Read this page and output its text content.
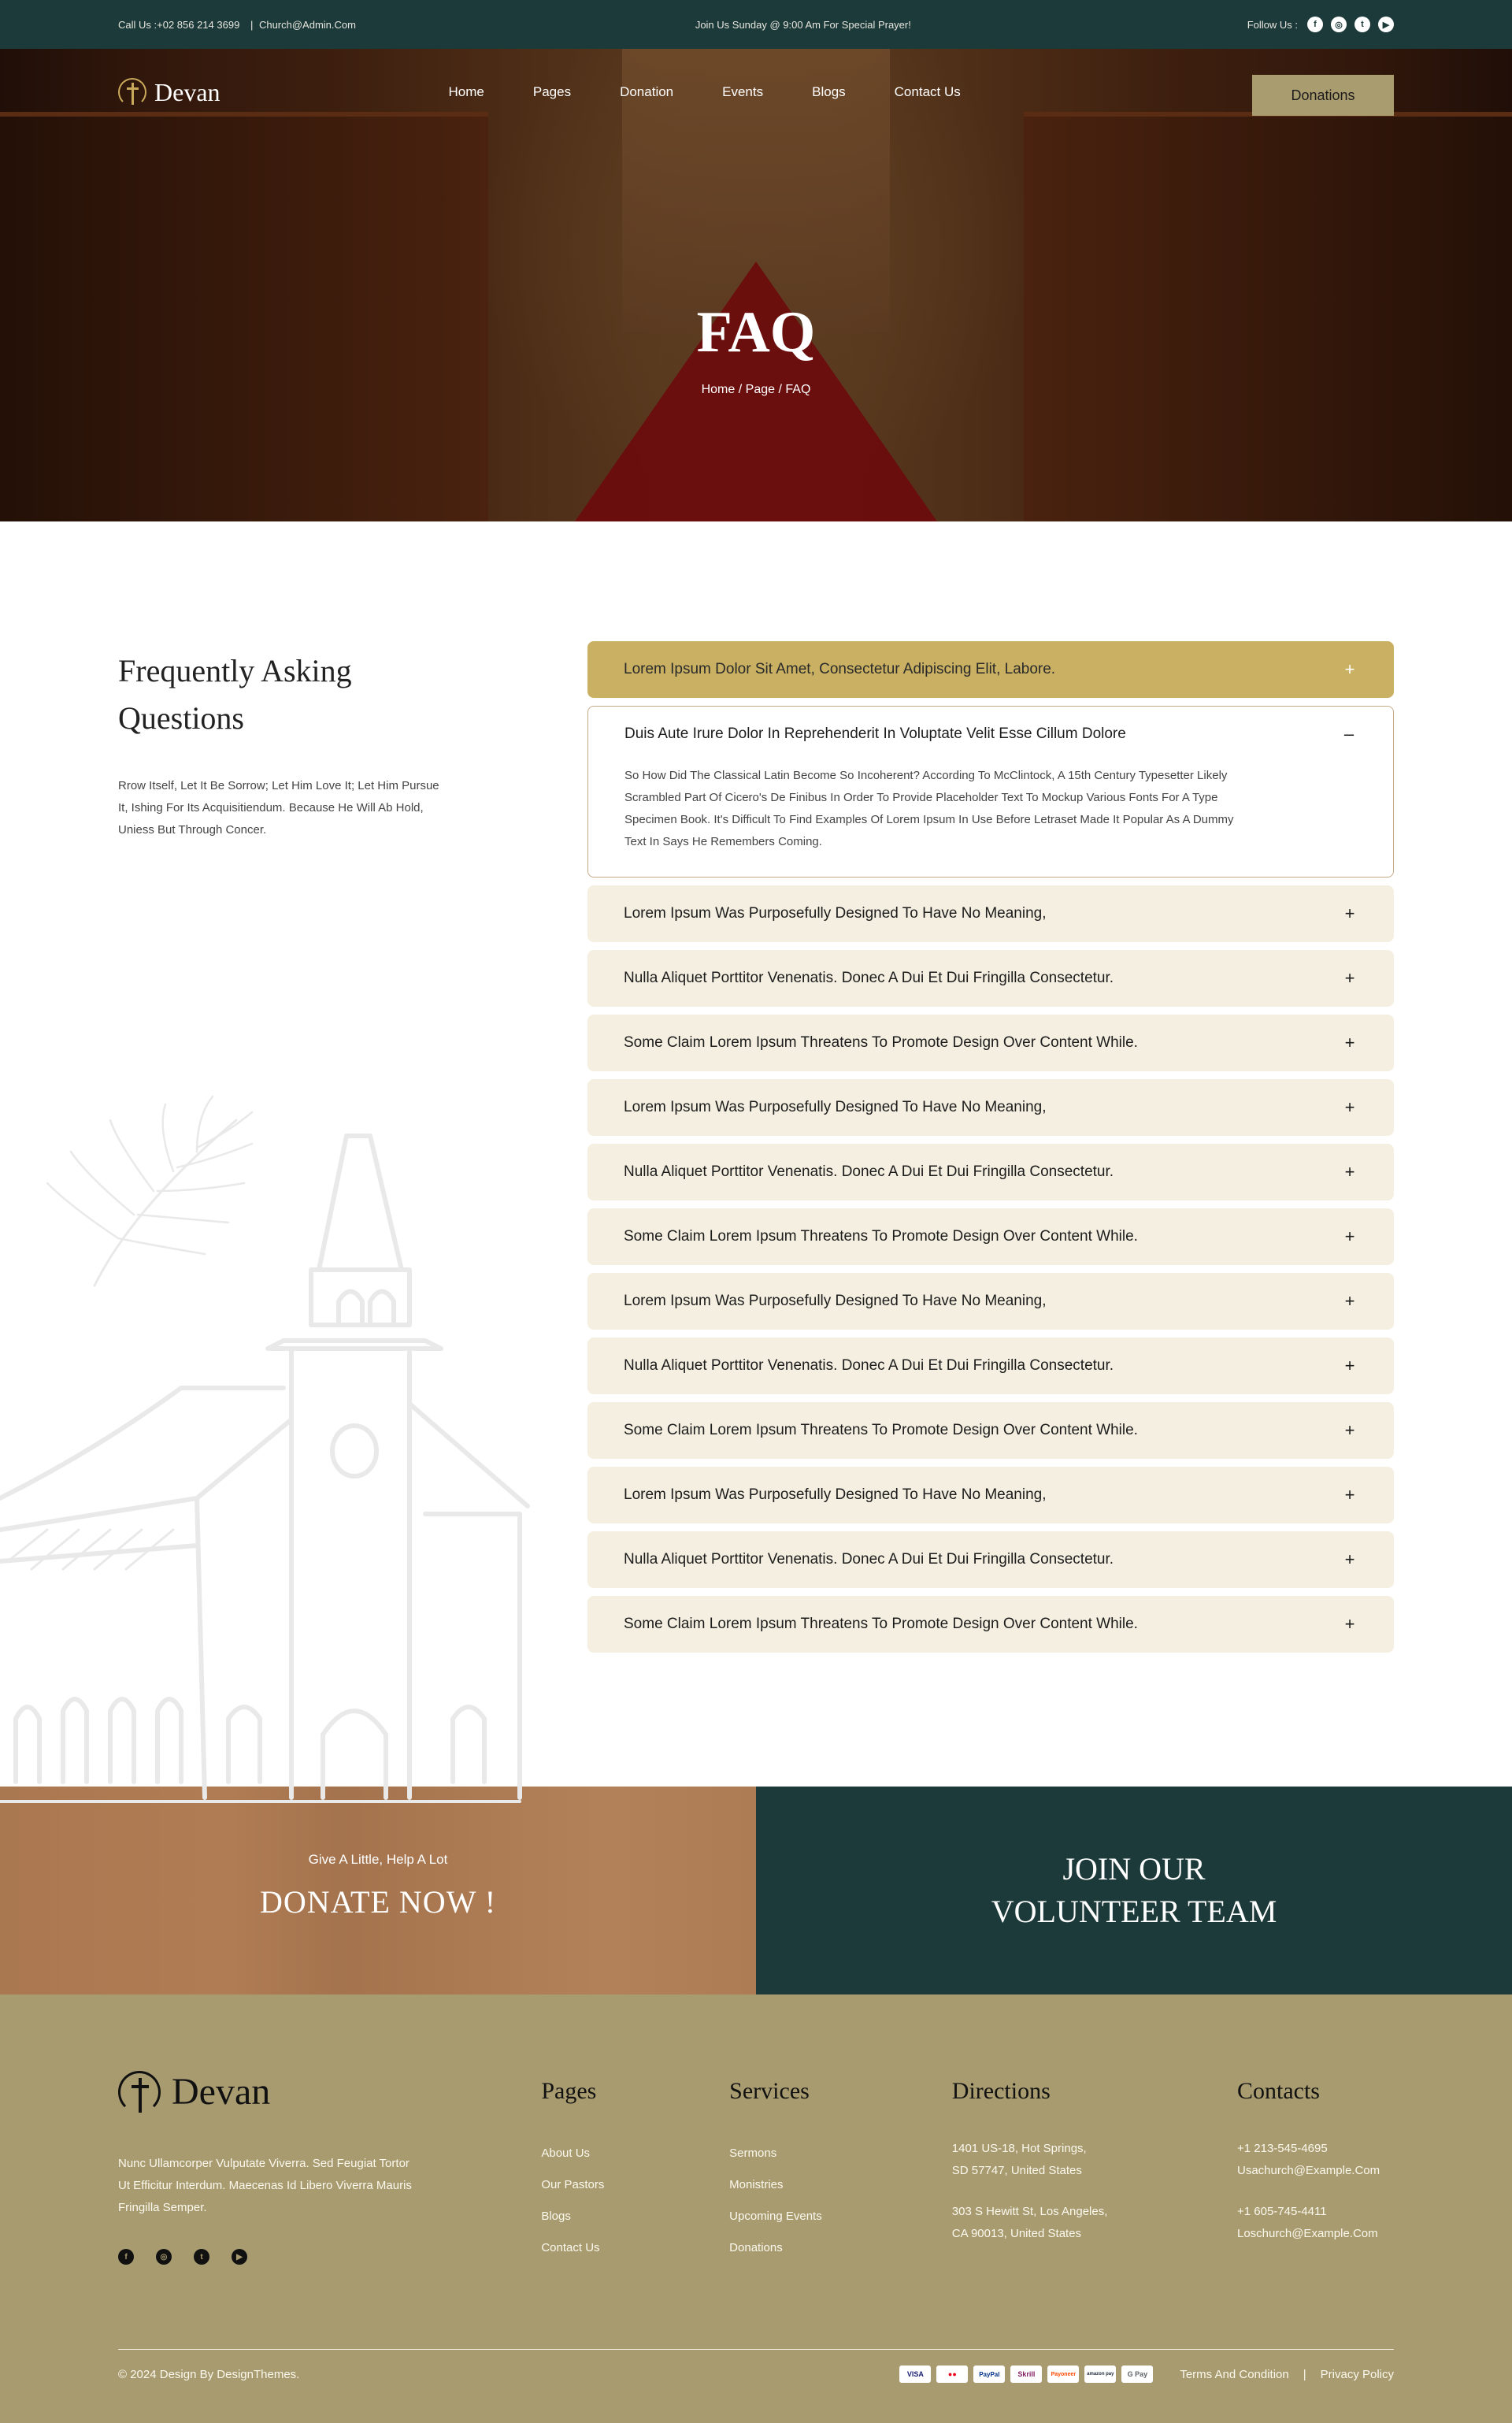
Call Us :+02 856 214 3699 | Church@Admin.Com	Join Us Sunday @ 9:00 Am For Special Prayer!	Follow Us :	f	◎	t	▶
Devan	Home	Pages	Donation	Events	Blogs	Contact Us	Donations
FAQ
Home / Page / FAQ
Frequently Asking
Questions

Rrow Itself, Let It Be Sorrow; Let Him Love It; Let Him Pursue It, Ishing For Its Acquisitiendum. Because He Will Ab Hold, Uniess But Through Concer.

Lorem Ipsum Dolor Sit Amet, Consectetur Adipiscing Elit, Labore.	+
Duis Aute Irure Dolor In Reprehenderit In Voluptate Velit Esse Cillum Dolore	–
So How Did The Classical Latin Become So Incoherent? According To McClintock, A 15th Century Typesetter Likely Scrambled Part Of Cicero's De Finibus In Order To Provide Placeholder Text To Mockup Various Fonts For A Type Specimen Book. It's Difficult To Find Examples Of Lorem Ipsum In Use Before Letraset Made It Popular As A Dummy Text In Says He Remembers Coming.
Lorem Ipsum Was Purposefully Designed To Have No Meaning,	+
Nulla Aliquet Porttitor Venenatis. Donec A Dui Et Dui Fringilla Consectetur.	+
Some Claim Lorem Ipsum Threatens To Promote Design Over Content While.	+
Lorem Ipsum Was Purposefully Designed To Have No Meaning,	+
Nulla Aliquet Porttitor Venenatis. Donec A Dui Et Dui Fringilla Consectetur.	+
Some Claim Lorem Ipsum Threatens To Promote Design Over Content While.	+
Lorem Ipsum Was Purposefully Designed To Have No Meaning,	+
Nulla Aliquet Porttitor Venenatis. Donec A Dui Et Dui Fringilla Consectetur.	+
Some Claim Lorem Ipsum Threatens To Promote Design Over Content While.	+
Lorem Ipsum Was Purposefully Designed To Have No Meaning,	+
Nulla Aliquet Porttitor Venenatis. Donec A Dui Et Dui Fringilla Consectetur.	+
Some Claim Lorem Ipsum Threatens To Promote Design Over Content While.	+
Give A Little, Help A Lot
DONATE NOW !
JOIN OUR
VOLUNTEER TEAM
Devan

Nunc Ullamcorper Vulputate Viverra. Sed Feugiat Tortor Ut Efficitur Interdum. Maecenas Id Libero Viverra Mauris Fringilla Semper.

f	◎	t	▶
Pages
About Us
Our Pastors
Blogs
Contact Us
Services
Sermons
Monistries
Upcoming Events
Donations
Directions

1401 US-18, Hot Springs,

SD 57747, United States

303 S Hewitt St, Los Angeles,

CA 90013, United States

Contacts

+1 213-545-4695

Usachurch@Example.Com

+1 605-745-4411

Loschurch@Example.Com

© 2024 Design By DesignThemes.	VISA	●●	PayPal	Skrill	Payoneer	amazon pay	G Pay	Terms And Condition | Privacy Policy
